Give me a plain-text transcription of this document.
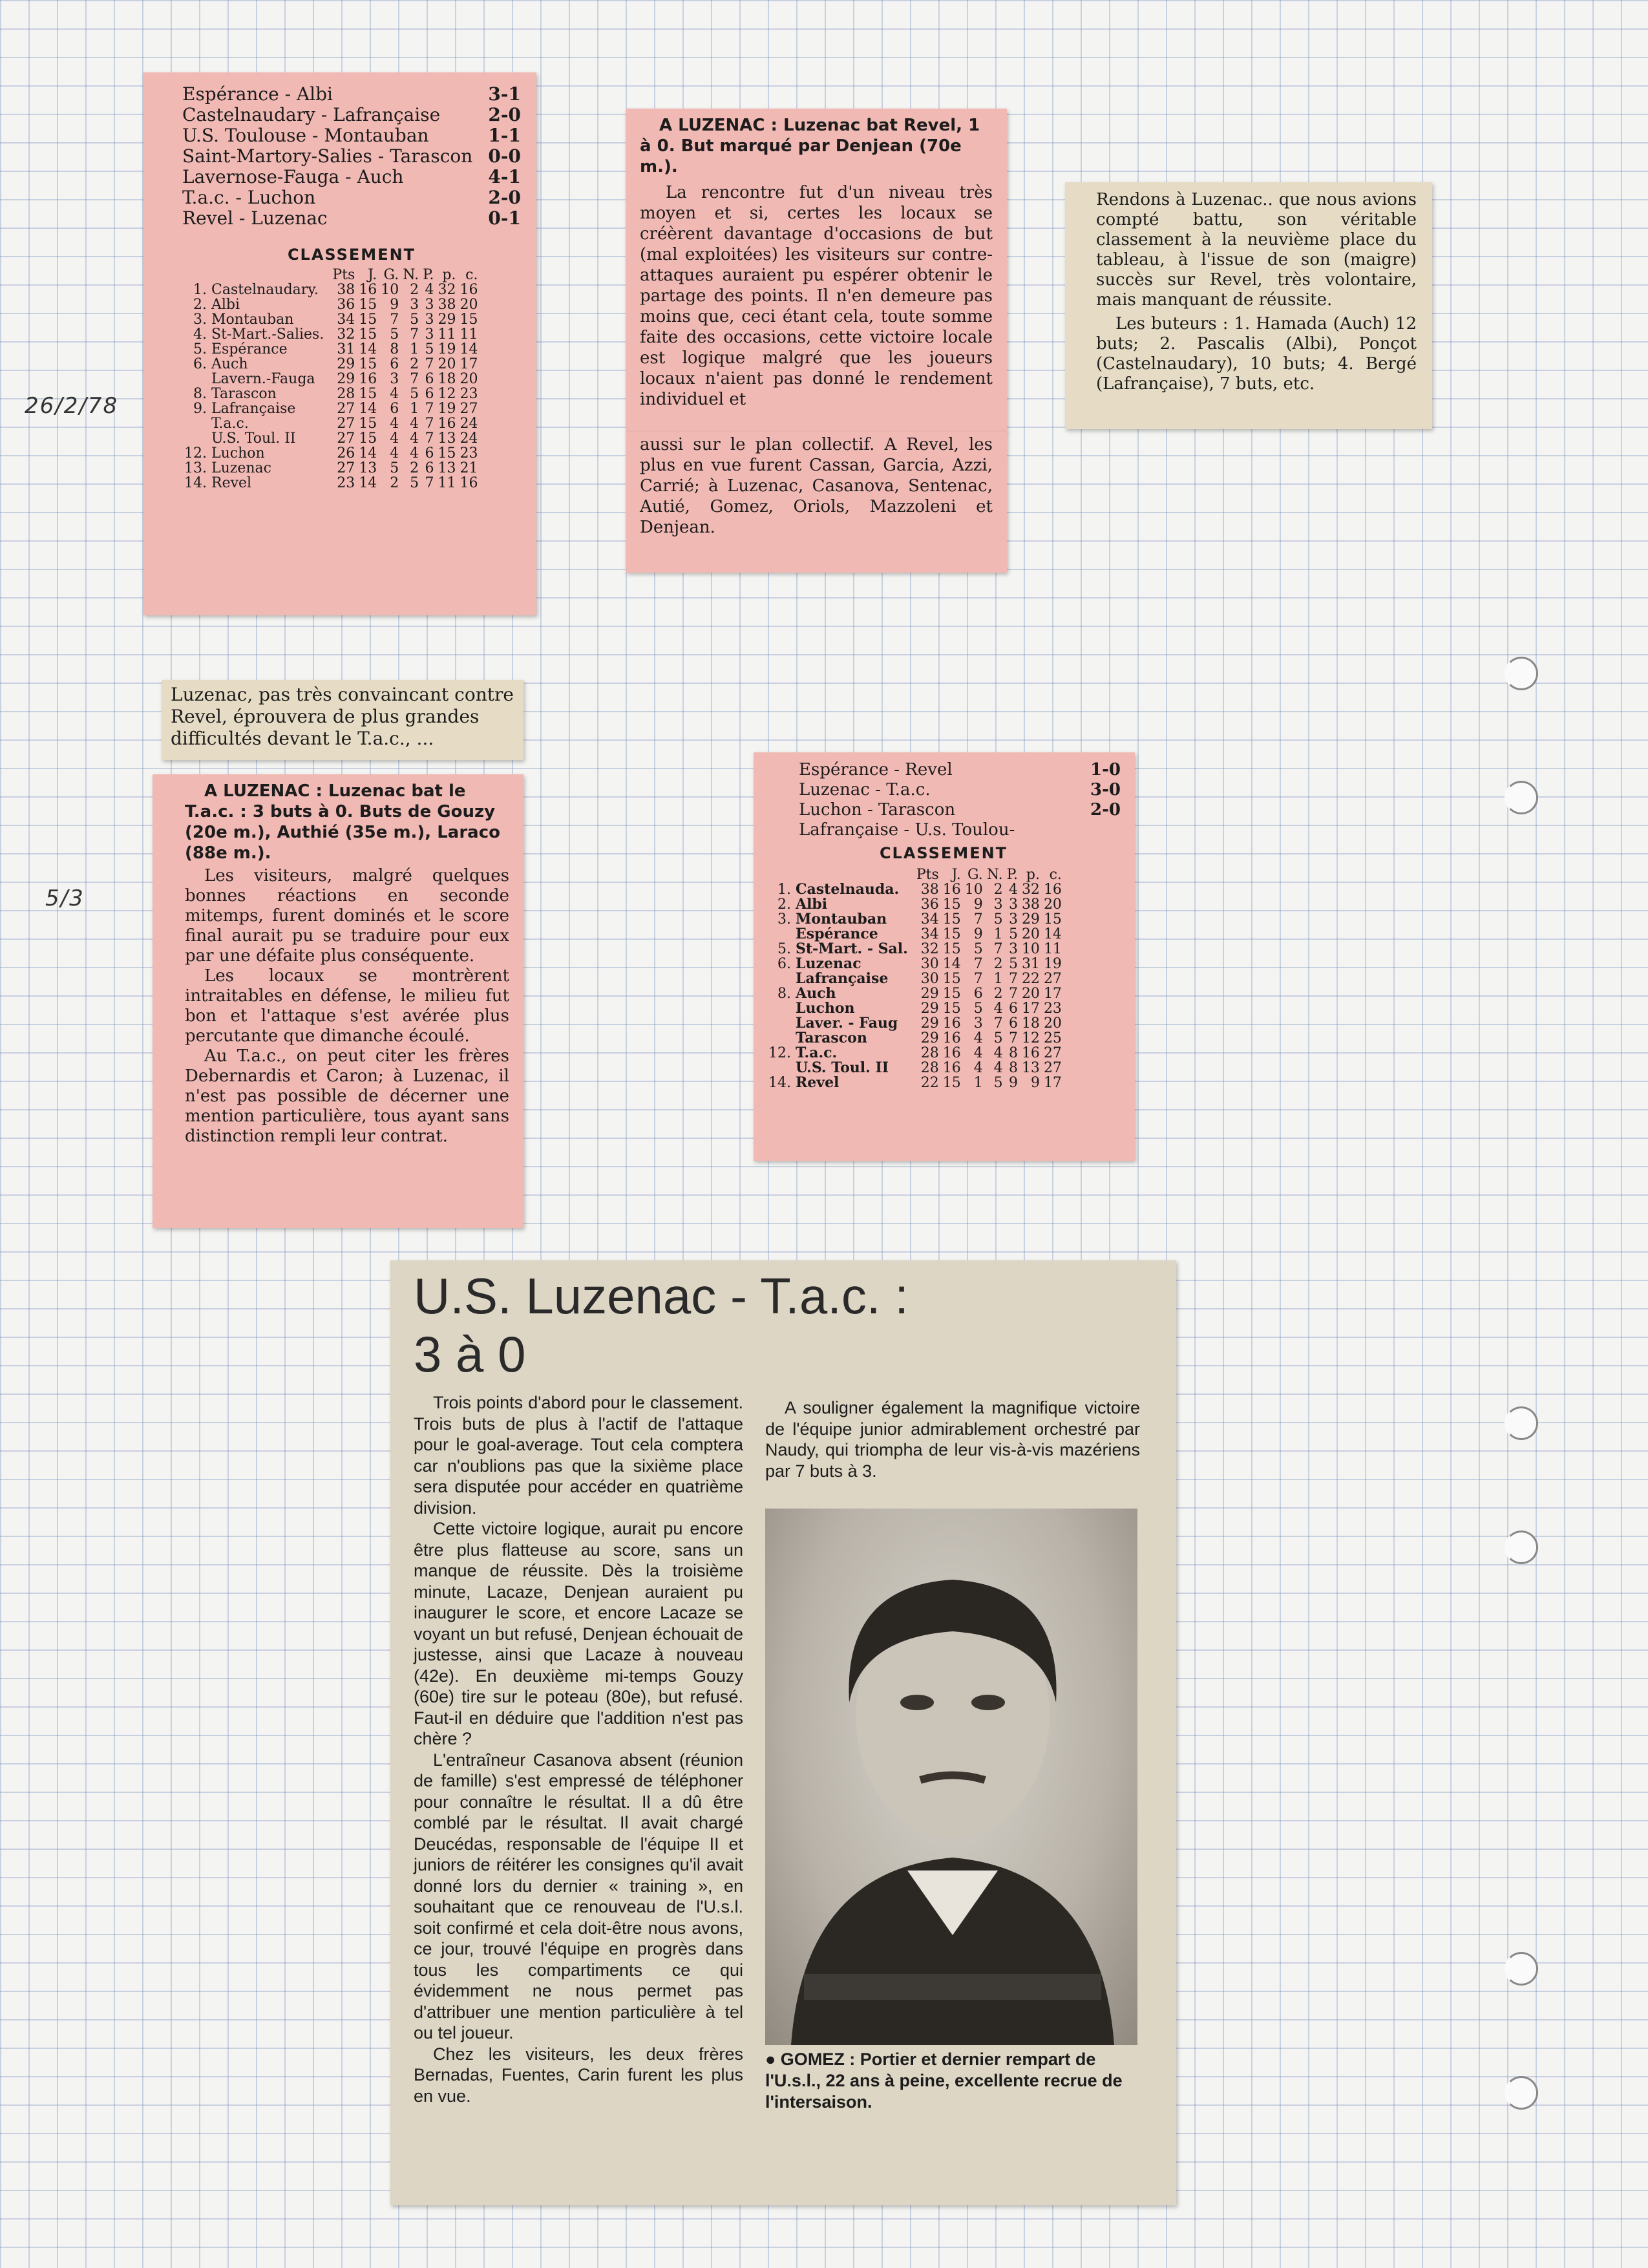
26/2/78
5/3
Espérance - Albi	3-1
Castelnaudary - Lafrançaise	2-0
U.S. Toulouse - Montauban	1-1
Saint-Martory-Salies - Tarascon 0-0
Lavernose-Fauga - Auch	4-1
T.a.c. - Luchon	2-0
Revel - Luzenac	0-1
CLASSEMENT
		Pts	J.	G.	N.	P.	p.	c.
1.	Castelnaudary.	38	16	10	2	4	32	16
2.	Albi	36	15	9	3	3	38	20
3.	Montauban	34	15	7	5	3	29	15
4.	St-Mart.-Salies.	32	15	5	7	3	11	11
5.	Espérance	31	14	8	1	5	19	14
6.	Auch	29	15	6	2	7	20	17
	Lavern.-Fauga	29	16	3	7	6	18	20
8.	Tarascon	28	15	4	5	6	12	23
9.	Lafrançaise	27	14	6	1	7	19	27
	T.a.c.	27	15	4	4	7	16	24
	U.S. Toul. II	27	15	4	4	7	13	24
12.	Luchon	26	14	4	4	6	15	23
13.	Luzenac	27	13	5	2	6	13	21
14.	Revel	23	14	2	5	7	11	16
A LUZENAC : Luzenac bat Revel, 1 à 0. But marqué par Denjean (70e m.).
La rencontre fut d'un niveau très moyen et si, certes les locaux se créèrent davantage d'occasions de but (mal exploitées) les visiteurs sur contre-attaques auraient pu espérer obtenir le partage des points. Il n'en demeure pas moins que, ceci étant cela, toute somme faite des occasions, cette victoire locale est logique malgré que les joueurs locaux n'aient pas donné le rendement individuel et
aussi sur le plan collectif. A Revel, les plus en vue furent Cassan, Garcia, Azzi, Carrié; à Luzenac, Casanova, Sentenac, Autié, Gomez, Oriols, Mazzoleni et Denjean.
Rendons à Luzenac.. que nous avions compté battu, son véritable classement à la neuvième place du tableau, à l'issue de son (maigre) succès sur Revel, très volontaire, mais manquant de réussite.
Les buteurs : 1. Hamada (Auch) 12 buts; 2. Pascalis (Albi), Ponçot (Castelnaudary), 10 buts; 4. Bergé (Lafrançaise), 7 buts, etc.
Luzenac, pas très convaincant contre Revel, éprouvera de plus grandes difficultés devant le T.a.c., ...
A LUZENAC : Luzenac bat le T.a.c. : 3 buts à 0. Buts de Gouzy (20e m.), Authié (35e m.), Laraco (88e m.).
Les visiteurs, malgré quelques bonnes réactions en seconde mitemps, furent dominés et le score final aurait pu se traduire pour eux par une défaite plus conséquente.
Les locaux se montrèrent intraitables en défense, le milieu fut bon et l'attaque s'est avérée plus percutante que dimanche écoulé.
Au T.a.c., on peut citer les frères Debernardis et Caron; à Luzenac, il n'est pas possible de décerner une mention particulière, tous ayant sans distinction rempli leur contrat.
Espérance - Revel	1-0
Luzenac - T.a.c.	3-0
Luchon - Tarascon	2-0
Lafrançaise - U.s. Toulou-
CLASSEMENT
		Pts	J.	G.	N.	P.	p.	c.
1.	Castelnauda.	38	16	10	2	4	32	16
2.	Albi	36	15	9	3	3	38	20
3.	Montauban	34	15	7	5	3	29	15
	Espérance	34	15	9	1	5	20	14
5.	St-Mart. - Sal.	32	15	5	7	3	10	11
6.	Luzenac	30	14	7	2	5	31	19
	Lafrançaise	30	15	7	1	7	22	27
8.	Auch	29	15	6	2	7	20	17
	Luchon	29	15	5	4	6	17	23
	Laver. - Faug	29	16	3	7	6	18	20
	Tarascon	29	16	4	5	7	12	25
12.	T.a.c.	28	16	4	4	8	16	27
	U.S. Toul. II	28	16	4	4	8	13	27
14.	Revel	22	15	1	5	9	9	17
U.S. Luzenac - T.a.c. :
3 à 0
Trois points d'abord pour le classement. Trois buts de plus à l'actif de l'attaque pour le goal-average. Tout cela comptera car n'oublions pas que la sixième place sera disputée pour accéder en quatrième division.
Cette victoire logique, aurait pu encore être plus flatteuse au score, sans un manque de réussite. Dès la troisième minute, Lacaze, Denjean auraient pu inaugurer le score, et encore Lacaze se voyant un but refusé, Denjean échouait de justesse, ainsi que Lacaze à nouveau (42e). En deuxième mi-temps Gouzy (60e) tire sur le poteau (80e), but refusé. Faut-il en déduire que l'addition n'est pas chère ?
L'entraîneur Casanova absent (réunion de famille) s'est empressé de téléphoner pour connaître le résultat. Il a dû être comblé par le résultat. Il avait chargé Deucédas, responsable de l'équipe II et juniors de réitérer les consignes qu'il avait donné lors du dernier « training », en souhaitant que ce renouveau de l'U.s.l. soit confirmé et cela doit-être nous avons, ce jour, trouvé l'équipe en progrès dans tous les compartiments ce qui évidemment ne nous permet pas d'attribuer une mention particulière à tel ou tel joueur.
Chez les visiteurs, les deux frères Bernadas, Fuentes, Carin furent les plus en vue.
A souligner également la magnifique victoire de l'équipe junior admirablement orchestré par Naudy, qui triompha de leur vis-à-vis mazériens par 7 buts à 3.
● GOMEZ : Portier et dernier rempart de l'U.s.l., 22 ans à peine, excellente recrue de l'intersaison.
